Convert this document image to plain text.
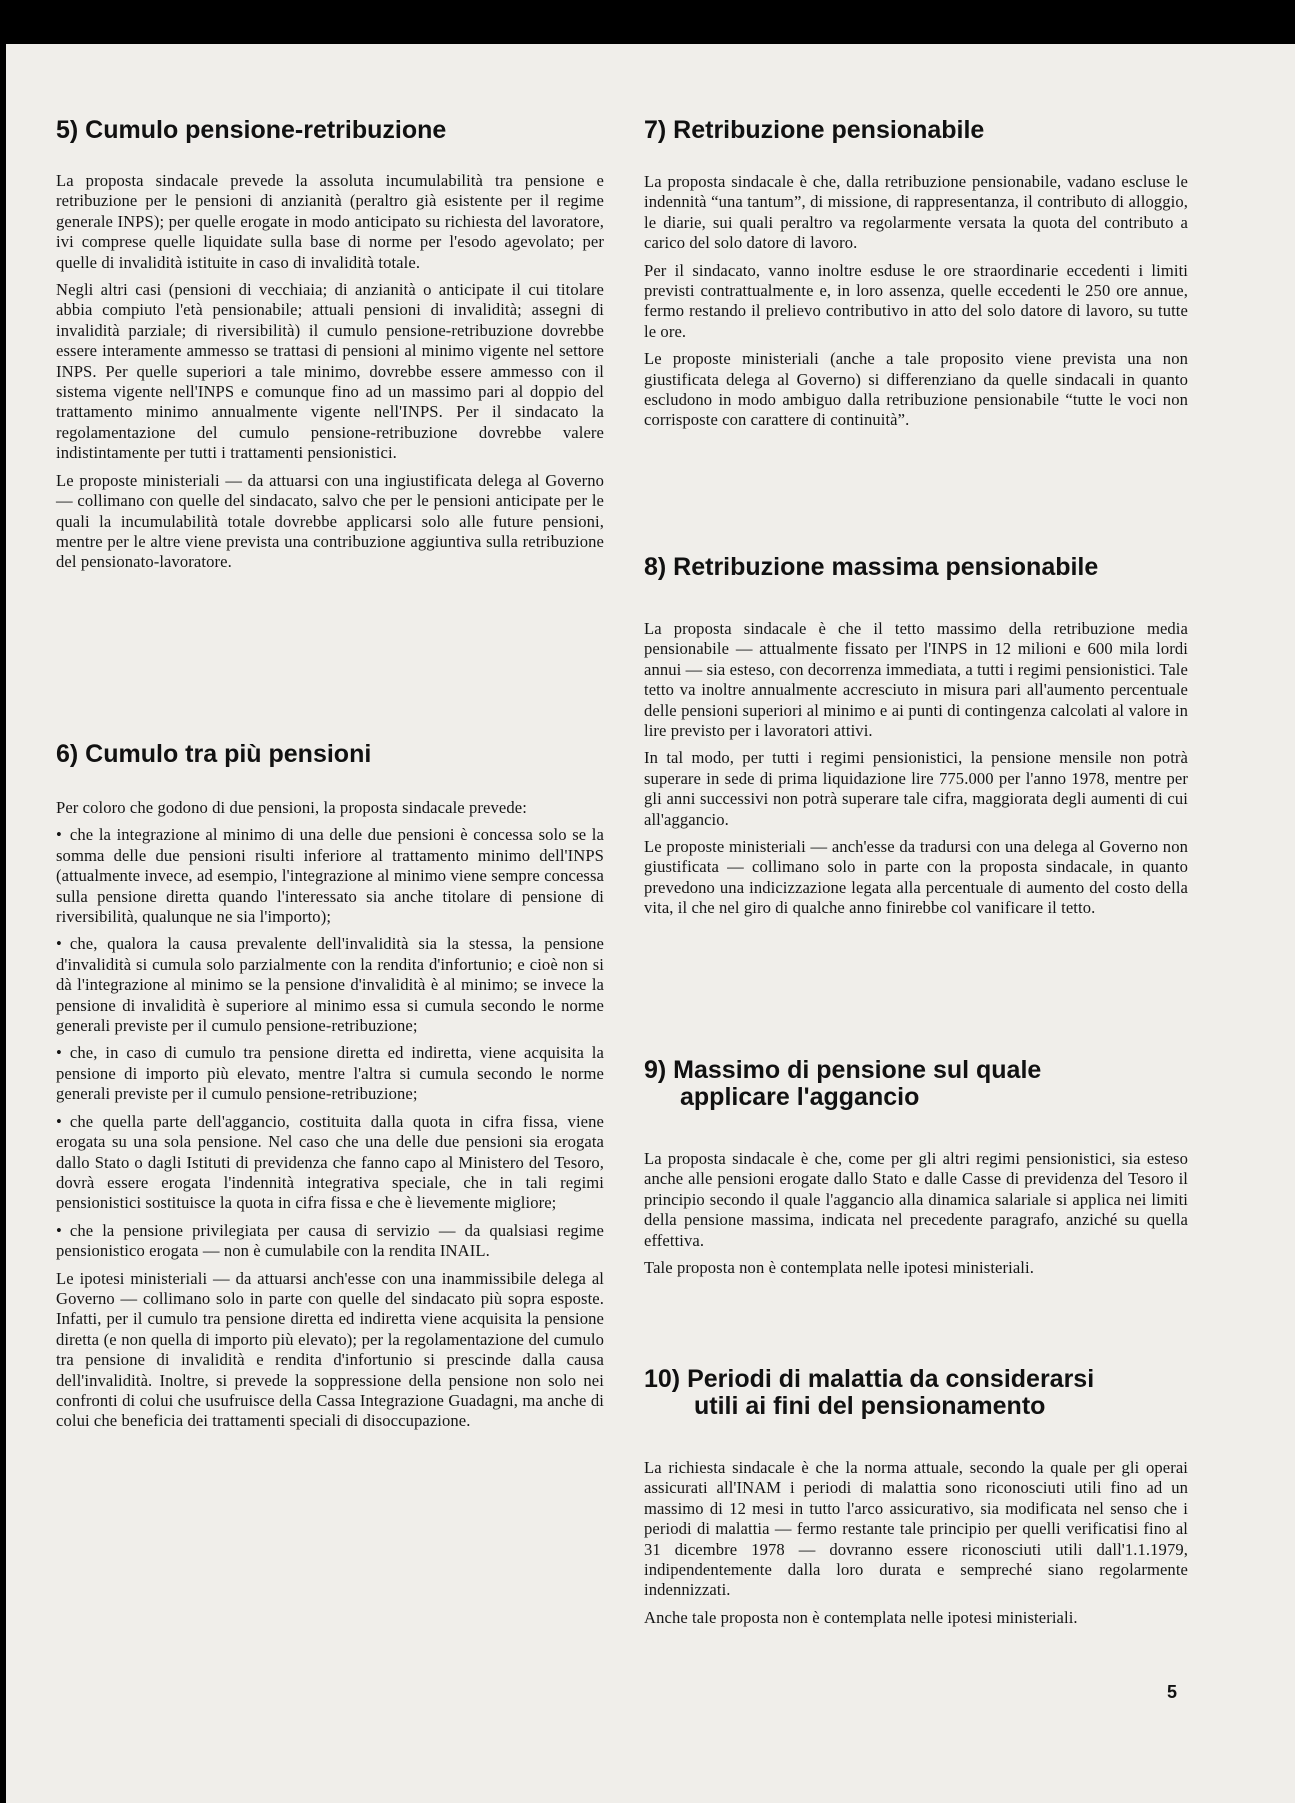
5) Cumulo pensione-retribuzione

La proposta sindacale prevede la assoluta incumulabilità tra pensione e retribuzione per le pensioni di anzianità (peraltro già esistente per il regime generale INPS); per quelle erogate in modo anticipato su richiesta del lavoratore, ivi comprese quelle liquidate sulla base di norme per l'esodo agevolato; per quelle di invalidità istituite in caso di invalidità totale.

Negli altri casi (pensioni di vecchiaia; di anzianità o anticipate il cui titolare abbia compiuto l'età pensionabile; attuali pensioni di invalidità; assegni di invalidità parziale; di riversibilità) il cumulo pensione-retribuzione dovrebbe essere interamente ammesso se trattasi di pensioni al minimo vigente nel settore INPS. Per quelle superiori a tale minimo, dovrebbe essere ammesso con il sistema vigente nell'INPS e comunque fino ad un massimo pari al doppio del trattamento minimo annualmente vigente nell'INPS. Per il sindacato la regolamentazione del cumulo pensione-retribuzione dovrebbe valere indistintamente per tutti i trattamenti pensionistici.

Le proposte ministeriali — da attuarsi con una ingiustificata delega al Governo — collimano con quelle del sindacato, salvo che per le pensioni anticipate per le quali la incumulabilità totale dovrebbe applicarsi solo alle future pensioni, mentre per le altre viene prevista una contribuzione aggiuntiva sulla retribuzione del pensionato-lavoratore.

6) Cumulo tra più pensioni

Per coloro che godono di due pensioni, la proposta sindacale prevede:

• che la integrazione al minimo di una delle due pensioni è concessa solo se la somma delle due pensioni risulti inferiore al trattamento minimo dell'INPS (attualmente invece, ad esempio, l'integrazione al minimo viene sempre concessa sulla pensione diretta quando l'interessato sia anche titolare di pensione di riversibilità, qualunque ne sia l'importo);

• che, qualora la causa prevalente dell'invalidità sia la stessa, la pensione d'invalidità si cumula solo parzialmente con la rendita d'infortunio; e cioè non si dà l'integrazione al minimo se la pensione d'invalidità è al minimo; se invece la pensione di invalidità è superiore al minimo essa si cumula secondo le norme generali previste per il cumulo pensione-retribuzione;

• che, in caso di cumulo tra pensione diretta ed indiretta, viene acquisita la pensione di importo più elevato, mentre l'altra si cumula secondo le norme generali previste per il cumulo pensione-retribuzione;

• che quella parte dell'aggancio, costituita dalla quota in cifra fissa, viene erogata su una sola pensione. Nel caso che una delle due pensioni sia erogata dallo Stato o dagli Istituti di previdenza che fanno capo al Ministero del Tesoro, dovrà essere erogata l'indennità integrativa speciale, che in tali regimi pensionistici sostituisce la quota in cifra fissa e che è lievemente migliore;

• che la pensione privilegiata per causa di servizio — da qualsiasi regime pensionistico erogata — non è cumulabile con la rendita INAIL.

Le ipotesi ministeriali — da attuarsi anch'esse con una inammissibile delega al Governo — collimano solo in parte con quelle del sindacato più sopra esposte. Infatti, per il cumulo tra pensione diretta ed indiretta viene acquisita la pensione diretta (e non quella di importo più elevato); per la regolamentazione del cumulo tra pensione di invalidità e rendita d'infortunio si prescinde dalla causa dell'invalidità. Inoltre, si prevede la soppressione della pensione non solo nei confronti di colui che usufruisce della Cassa Integrazione Guadagni, ma anche di colui che beneficia dei trattamenti speciali di disoccupazione.

7) Retribuzione pensionabile

La proposta sindacale è che, dalla retribuzione pensionabile, vadano escluse le indennità “una tantum”, di missione, di rappresentanza, il contributo di alloggio, le diarie, sui quali peraltro va regolarmente versata la quota del contributo a carico del solo datore di lavoro.

Per il sindacato, vanno inoltre esduse le ore straordinarie eccedenti i limiti previsti contrattualmente e, in loro assenza, quelle eccedenti le 250 ore annue, fermo restando il prelievo contributivo in atto del solo datore di lavoro, su tutte le ore.

Le proposte ministeriali (anche a tale proposito viene prevista una non giustificata delega al Governo) si differenziano da quelle sindacali in quanto escludono in modo ambiguo dalla retribuzione pensionabile “tutte le voci non corrisposte con carattere di continuità”.

8) Retribuzione massima pensionabile

La proposta sindacale è che il tetto massimo della retribuzione media pensionabile — attualmente fissato per l'INPS in 12 milioni e 600 mila lordi annui — sia esteso, con decorrenza immediata, a tutti i regimi pensionistici. Tale tetto va inoltre annualmente accresciuto in misura pari all'aumento percentuale delle pensioni superiori al minimo e ai punti di contingenza calcolati al valore in lire previsto per i lavoratori attivi.

In tal modo, per tutti i regimi pensionistici, la pensione mensile non potrà superare in sede di prima liquidazione lire 775.000 per l'anno 1978, mentre per gli anni successivi non potrà superare tale cifra, maggiorata degli aumenti di cui all'aggancio.

Le proposte ministeriali — anch'esse da tradursi con una delega al Governo non giustificata — collimano solo in parte con la proposta sindacale, in quanto prevedono una indicizzazione legata alla percentuale di aumento del costo della vita, il che nel giro di qualche anno finirebbe col vanificare il tetto.

9) Massimo di pensione sul quale
applicare l'aggancio

La proposta sindacale è che, come per gli altri regimi pensionistici, sia esteso anche alle pensioni erogate dallo Stato e dalle Casse di previdenza del Tesoro il principio secondo il quale l'aggancio alla dinamica salariale si applica nei limiti della pensione massima, indicata nel precedente paragrafo, anziché su quella effettiva.

Tale proposta non è contemplata nelle ipotesi ministeriali.

10) Periodi di malattia da considerarsi
utili ai fini del pensionamento

La richiesta sindacale è che la norma attuale, secondo la quale per gli operai assicurati all'INAM i periodi di malattia sono riconosciuti utili fino ad un massimo di 12 mesi in tutto l'arco assicurativo, sia modificata nel senso che i periodi di malattia — fermo restante tale principio per quelli verificatisi fino al 31 dicembre 1978 — dovranno essere riconosciuti utili dall'1.1.1979, indipendentemente dalla loro durata e sempreché siano regolarmente indennizzati.

Anche tale proposta non è contemplata nelle ipotesi ministeriali.

5
